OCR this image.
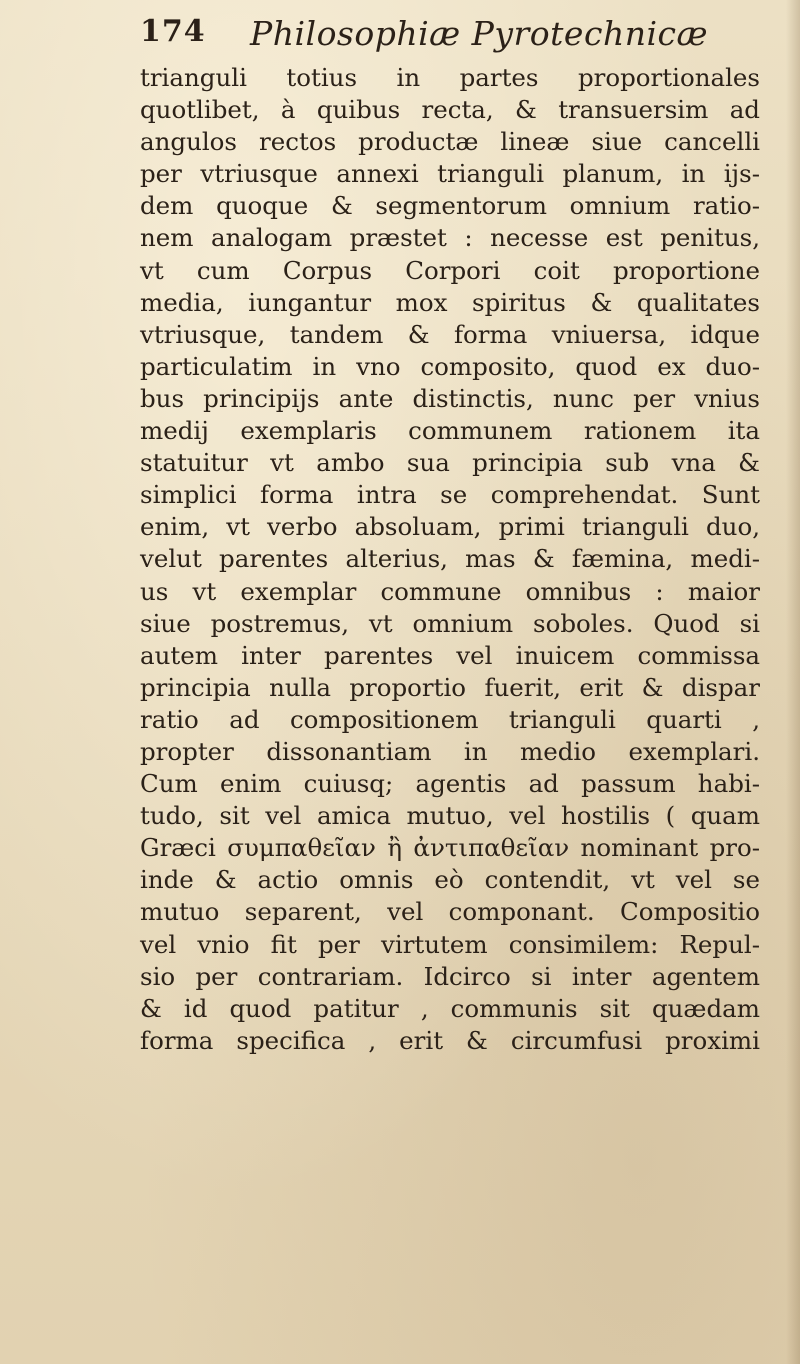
174 Philosophiæ Pyrotechnicæ
trianguli totius in partes proportionales
quotlibet, à quibus recta, & transuersim ad
angulos rectos productæ lineæ siue cancelli
per vtriusque annexi trianguli planum, in ijs-
dem quoque & segmentorum omnium ratio-
nem analogam præstet : necesse est penitus,
vt cum Corpus Corpori coit proportione
media, iungantur mox spiritus & qualitates
vtriusque, tandem & forma vniuersa, idque
particulatim in vno composito, quod ex duo-
bus principijs ante distinctis, nunc per vnius
medij exemplaris communem rationem ita
statuitur vt ambo sua principia sub vna &
simplici forma intra se comprehendat. Sunt
enim, vt verbo absoluam, primi trianguli duo,
velut parentes alterius, mas & fæmina, medi-
us vt exemplar commune omnibus : maior
siue postremus, vt omnium soboles. Quod si
autem inter parentes vel inuicem commissa
principia nulla proportio fuerit, erit & dispar
ratio ad compositionem trianguli quarti ,
propter dissonantiam in medio exemplari.
Cum enim cuiusq; agentis ad passum habi-
tudo, sit vel amica mutuo, vel hostilis ( quam
Græci συμπαθεῖαν ἢ ἀντιπαθεῖαν nominant pro-
inde & actio omnis eò contendit, vt vel se
mutuo separent, vel componant. Compositio
vel vnio fit per virtutem consimilem: Repul-
sio per contrariam. Idcirco si inter agentem
& id quod patitur , communis sit quædam
forma specifica , erit & circumfusi proximi
